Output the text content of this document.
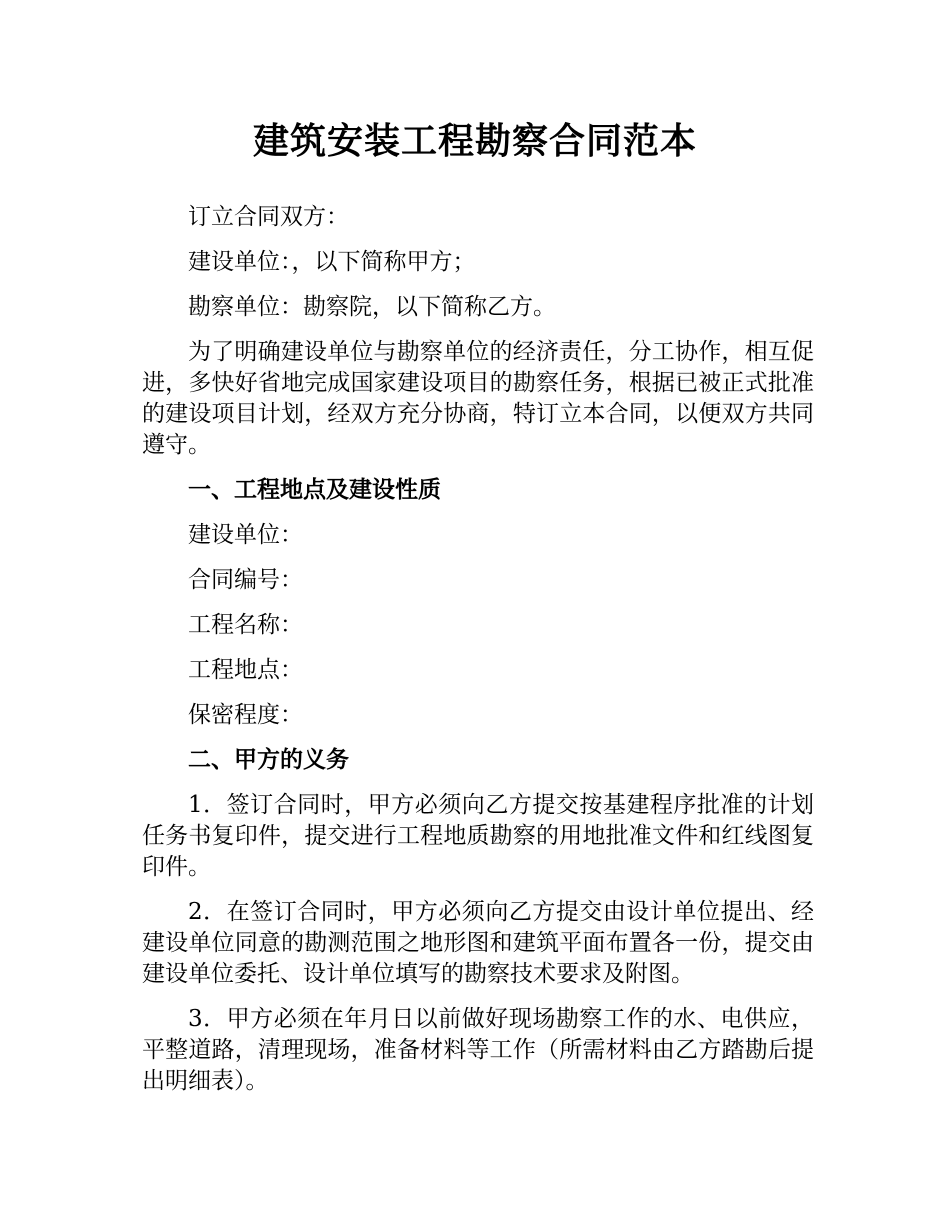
建筑安装工程勘察合同范本

订立合同双方：

建设单位：，以下简称甲方；

勘察单位：勘察院，以下简称乙方。

为了明确建设单位与勘察单位的经济责任，分工协作，相互促进，多快好省地完成国家建设项目的勘察任务，根据已被正式批准的建设项目计划，经双方充分协商，特订立本合同，以便双方共同遵守。

一、工程地点及建设性质

建设单位：

合同编号：

工程名称：

工程地点：

保密程度：

二、甲方的义务

1．签订合同时，甲方必须向乙方提交按基建程序批准的计划任务书复印件，提交进行工程地质勘察的用地批准文件和红线图复印件。

2．在签订合同时，甲方必须向乙方提交由设计单位提出、经建设单位同意的勘测范围之地形图和建筑平面布置各一份，提交由建设单位委托、设计单位填写的勘察技术要求及附图。

3．甲方必须在年月日以前做好现场勘察工作的水、电供应，平整道路，清理现场，准备材料等工作（所需材料由乙方踏勘后提出明细表）。
